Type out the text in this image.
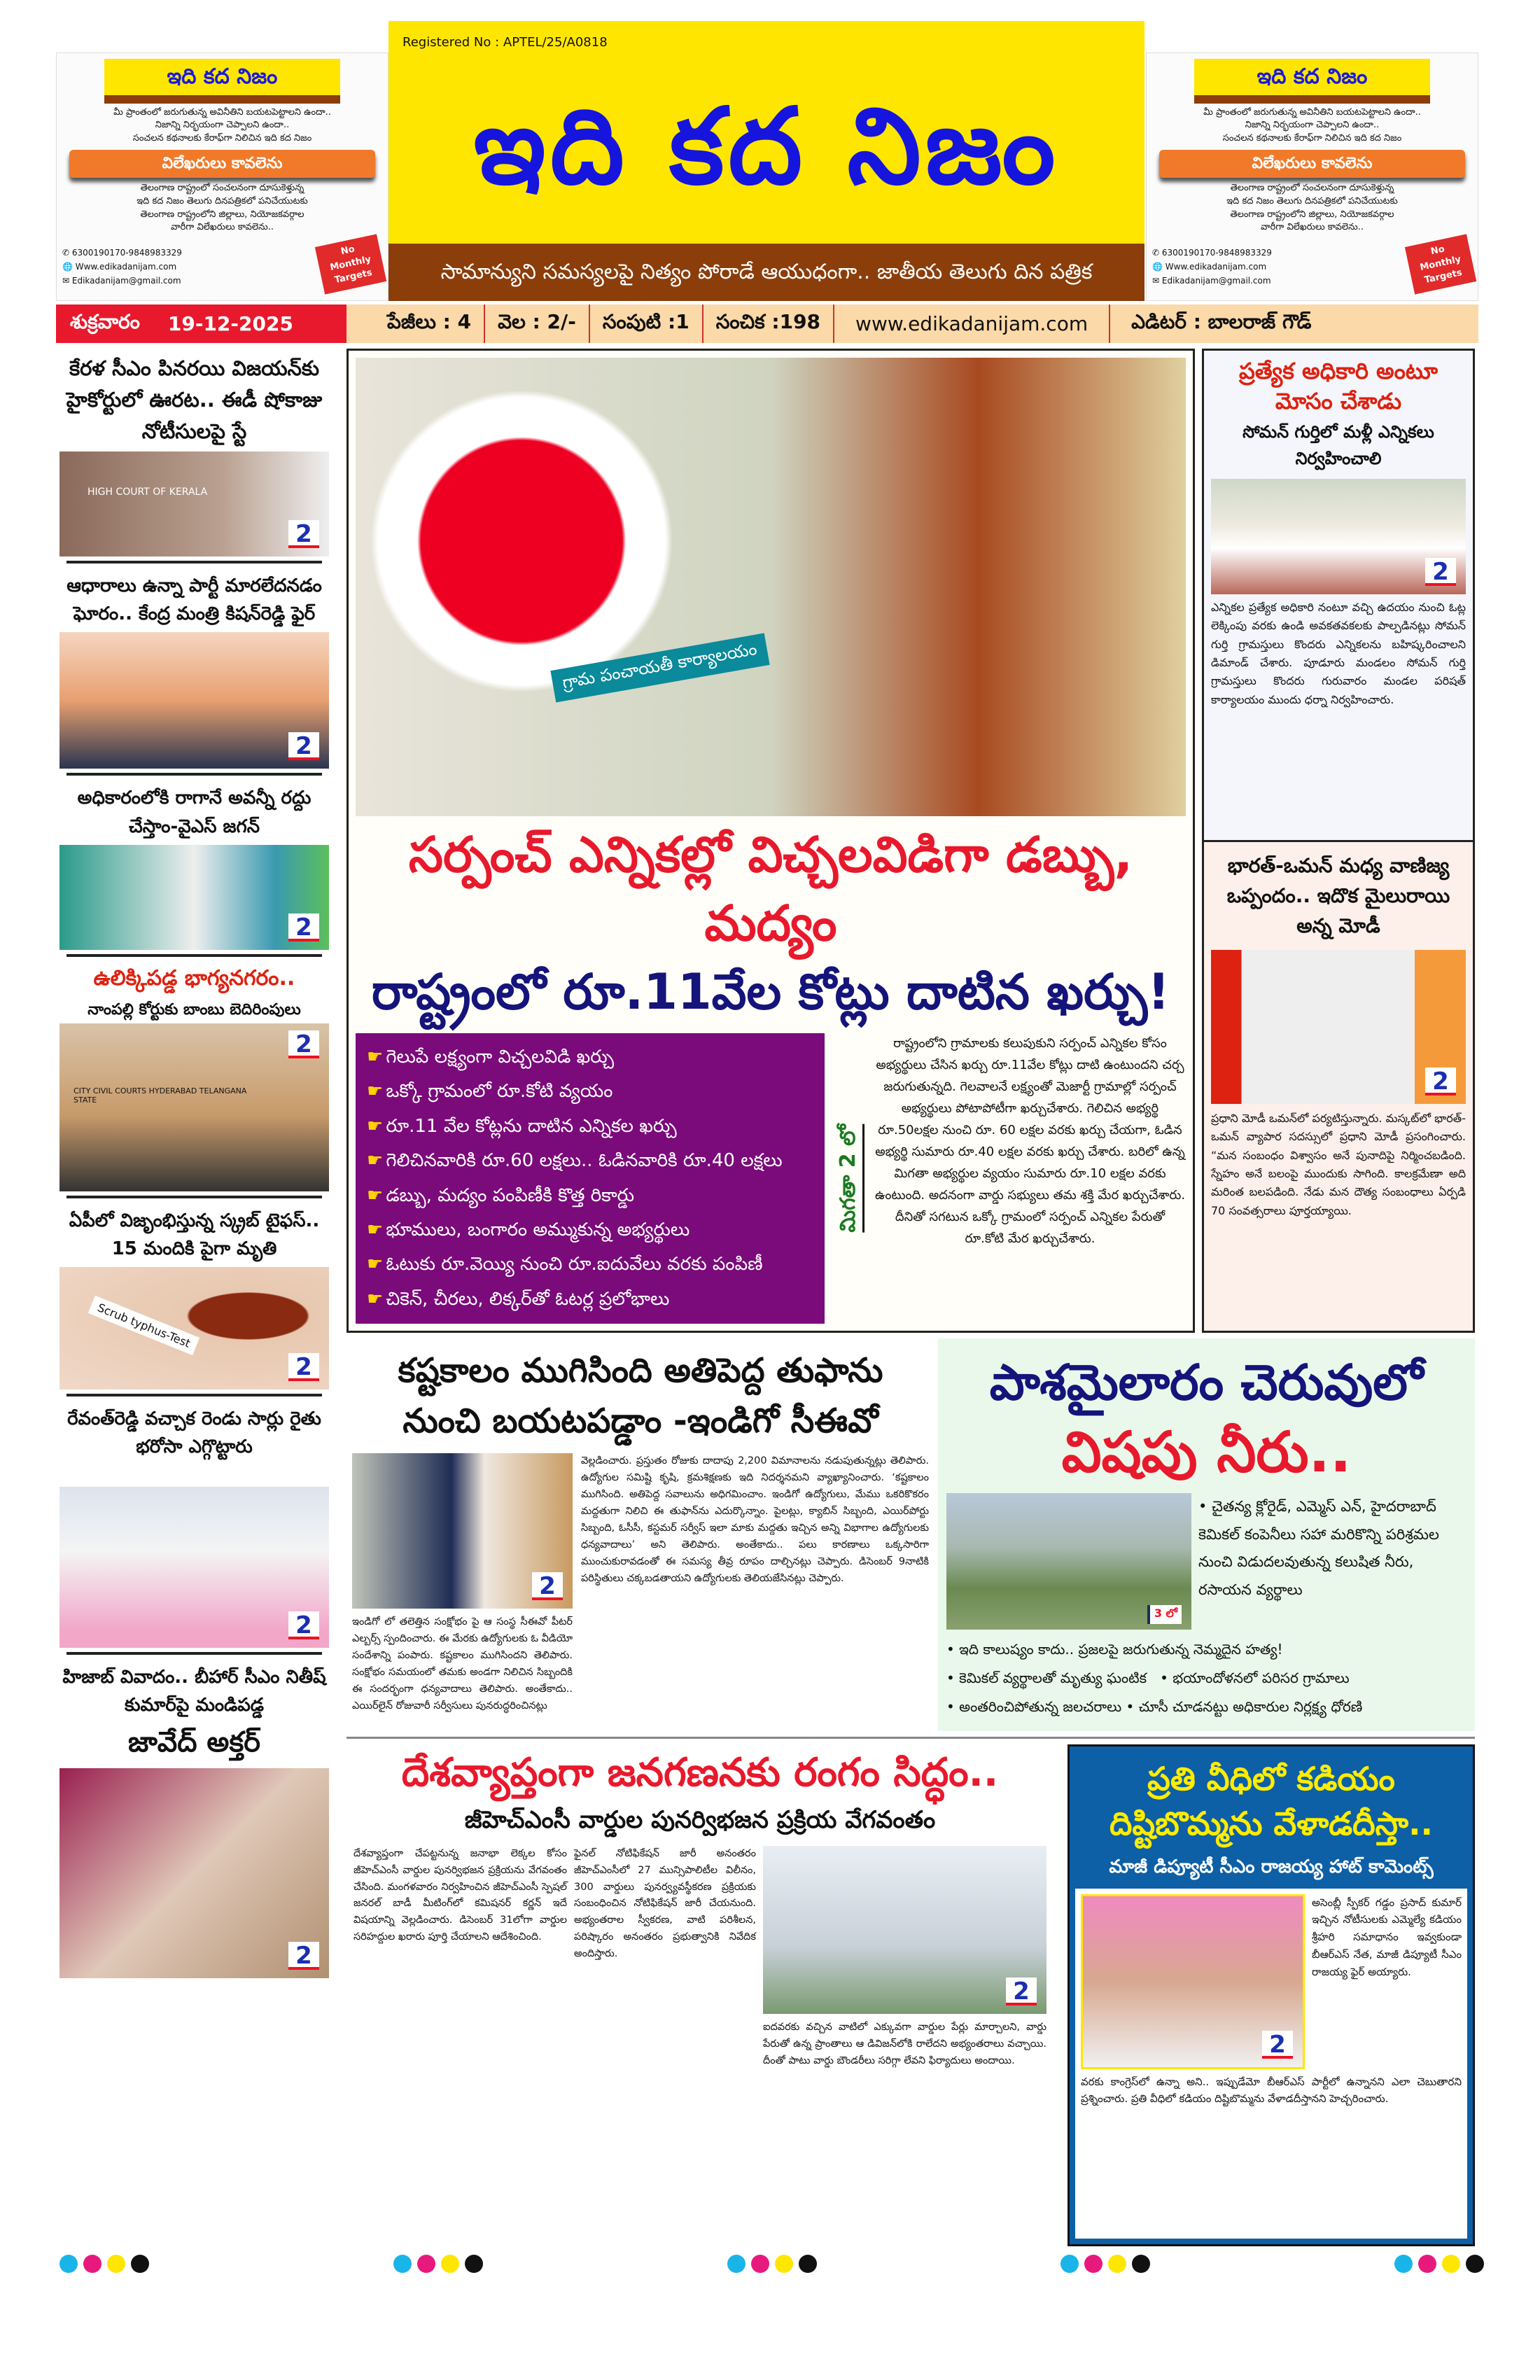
ఇది కద నిజం
మీ ప్రాంతంలో జరుగుతున్న అవినీతిని బయటపెట్టాలని ఉందా..
నిజాన్ని నిర్భయంగా చెప్పాలని ఉందా..
సంచలన కథనాలకు కేరాఫ్‌గా నిలిచిన ఇది కద నిజం
విలేఖరులు కావలెను
తెలంగాణ రాష్ట్రంలో సంచలనంగా దూసుకెళ్తున్న
ఇది కద నిజం తెలుగు దినపత్రికలో పనిచేయుటకు
తెలంగాణ రాష్ట్రంలోని జిల్లాలు, నియోజకవర్గాల
వారీగా విలేఖరులు కావలెను..
✆ 6300190170-9848983329
🌐 Www.edikadanijam.com
✉ Edikadanijam@gmail.com
No Monthly Targets
Registered No : APTEL/25/A0818
ఇది కద నిజం
సామాన్యుని సమస్యలపై నిత్యం పోరాడే ఆయుధంగా.. జాతీయ తెలుగు దిన పత్రిక
ఇది కద నిజం
మీ ప్రాంతంలో జరుగుతున్న అవినీతిని బయటపెట్టాలని ఉందా..
నిజాన్ని నిర్భయంగా చెప్పాలని ఉందా..
సంచలన కథనాలకు కేరాఫ్‌గా నిలిచిన ఇది కద నిజం
విలేఖరులు కావలెను
తెలంగాణ రాష్ట్రంలో సంచలనంగా దూసుకెళ్తున్న
ఇది కద నిజం తెలుగు దినపత్రికలో పనిచేయుటకు
తెలంగాణ రాష్ట్రంలోని జిల్లాలు, నియోజకవర్గాల
వారీగా విలేఖరులు కావలెను..
✆ 6300190170-9848983329
🌐 Www.edikadanijam.com
✉ Edikadanijam@gmail.com
No Monthly Targets
శుక్రవారం 19-12-2025	పేజీలు : 4	వెల : 2/-	సంపుటి :1	సంచిక :198	www.edikadanijam.com	ఎడిటర్ : బాలరాజ్ గౌడ్
కేరళ సీఎం పినరయి విజయన్‌కు హైకోర్టులో ఊరట.. ఈడీ షోకాజు నోటీసులపై స్టే
HIGH COURT OF KERALA
2
ఆధారాలు ఉన్నా పార్టీ మారలేదనడం ఘోరం.. కేంద్ర మంత్రి కిషన్‌రెడ్డి ఫైర్
2
అధికారంలోకి రాగానే అవన్నీ రద్దు చేస్తాం-వైఎస్ జగన్
2
ఉలిక్కిపడ్డ భాగ్యనగరం..
నాంపల్లి కోర్టుకు బాంబు బెదిరింపులు
CITY CIVIL COURTS HYDERABAD TELANGANA STATE
2
ఏపీలో విజృంభిస్తున్న స్క్రబ్ టైఫస్.. 15 మందికి పైగా మృతి
Scrub typhus-Test
2
రేవంత్‌రెడ్డి వచ్చాక రెండు సార్లు రైతు భరోసా ఎగ్గొట్టారు
2
హిజాబ్ వివాదం.. బీహార్ సీఎం నితీష్ కుమార్‌పై మండిపడ్డ
జావేద్ అక్తర్
2
గ్రామ పంచాయతీ కార్యాలయం
సర్పంచ్ ఎన్నికల్లో విచ్చలవిడిగా డబ్బు, మద్యం
రాష్ట్రంలో రూ.11వేల కోట్లు దాటిన ఖర్చు!
☛ గెలుపే లక్ష్యంగా విచ్చలవిడి ఖర్చు
☛ ఒక్కో గ్రామంలో రూ.కోటి వ్యయం
☛ రూ.11 వేల కోట్లను దాటిన ఎన్నికల ఖర్చు
☛ గెలిచినవారికి రూ.60 లక్షలు.. ఓడినవారికి రూ.40 లక్షలు
☛ డబ్బు, మద్యం పంపిణీకి కొత్త రికార్డు
☛ భూములు, బంగారం అమ్ముకున్న అభ్యర్థులు
☛ ఓటుకు రూ.వెయ్యి నుంచి రూ.ఐదువేలు వరకు పంపిణీ
☛ చికెన్, చీరలు, లిక్కర్‌తో ఓటర్ల ప్రలోభాలు
మిగతా 2 లో
రాష్ట్రంలోని గ్రామాలకు కలుపుకుని సర్పంచ్ ఎన్నికల కోసం అభ్యర్థులు చేసిన ఖర్చు రూ.11వేల కోట్లు దాటి ఉంటుందని చర్చ జరుగుతున్నది. గెలవాలనే లక్ష్యంతో మెజార్టీ గ్రామాల్లో సర్పంచ్ అభ్యర్థులు పోటాపోటీగా ఖర్చుచేశారు. గెలిచిన అభ్యర్థి రూ.50లక్షల నుంచి రూ. 60 లక్షల వరకు ఖర్చు చేయగా, ఓడిన అభ్యర్థి సుమారు రూ.40 లక్షల వరకు ఖర్చు చేశారు. బరిలో ఉన్న మిగతా అభ్యర్థుల వ్యయం సుమారు రూ.10 లక్షల వరకు ఉంటుంది. అదనంగా వార్డు సభ్యులు తమ శక్తి మేర ఖర్చుచేశారు. దీనితో సగటున ఒక్కో గ్రామంలో సర్పంచ్ ఎన్నికల పేరుతో రూ.కోటి మేర ఖర్చుచేశారు.
ప్రత్యేక అధికారి అంటూ మోసం చేశాడు
సోమన్ గుర్తిలో మళ్లీ ఎన్నికలు నిర్వహించాలి
2
ఎన్నికల ప్రత్యేక అధికారి నంటూ వచ్చి ఉదయం నుంచి ఓట్ల లెక్కింపు వరకు ఉండి అవకతవకలకు పాల్పడినట్లు సోమన్ గుర్తి గ్రామస్తులు కొందరు ఎన్నికలను బహిష్కరించాలని డిమాండ్ చేశారు. పూడూరు మండలం సోమన్ గుర్తి గ్రామస్తులు కొందరు గురువారం మండల పరిషత్ కార్యాలయం ముందు ధర్నా నిర్వహించారు.
భారత్-ఒమన్ మధ్య వాణిజ్య ఒప్పందం.. ఇదొక మైలురాయి అన్న మోడీ
2
ప్రధాని మోడీ ఒమన్‌లో పర్యటిస్తున్నారు. మస్కట్‌లో భారత్-ఒమన్ వ్యాపార సదస్సులో ప్రధాని మోడీ ప్రసంగించారు. “మన సంబంధం విశ్వాసం అనే పునాదిపై నిర్మించబడింది. స్నేహం అనే బలంపై ముందుకు సాగింది. కాలక్రమేణా అది మరింత బలపడింది. నేడు మన దౌత్య సంబంధాలు ఏర్పడి 70 సంవత్సరాలు పూర్తయ్యాయి.
కష్టకాలం ముగిసింది అతిపెద్ద తుఫాను నుంచి బయటపడ్డాం -ఇండిగో సీఈవో
2
ఇండిగో లో తలెత్తిన సంక్షోభం పై ఆ సంస్థ సీఈవో పీటర్ ఎల్బర్స్ స్పందించారు. ఈ మేరకు ఉద్యోగులకు ఓ వీడియో సందేశాన్ని పంపారు. కష్టకాలం ముగిసిందని తెలిపారు. సంక్షోభం సమయంలో తమకు అండగా నిలిచిన సిబ్బందికి ఈ సందర్భంగా ధన్యవాదాలు తెలిపారు. అంతేకాదు.. ఎయిర్‌లైన్ రోజువారీ సర్వీసులు పునరుద్ధరించినట్లు
వెల్లడించారు. ప్రస్తుతం రోజుకు దాదాపు 2,200 విమానాలను నడుపుతున్నట్లు తెలిపారు. ఉద్యోగుల సమిష్టి కృషి, క్రమశిక్షణకు ఇది నిదర్శనమని వ్యాఖ్యానించారు. ‘కష్టకాలం ముగిసింది. అతిపెద్ద సవాలును అధిగమించాం. ఇండిగో ఉద్యోగులు, మేము ఒకరికొకరం మద్దతుగా నిలిచి ఈ తుఫాన్‌ను ఎదుర్కొన్నాం. పైలట్లు, క్యాబిన్ సిబ్బంది, ఎయిర్‌పోర్టు సిబ్బంది, ఓసీసీ, కస్టమర్ సర్వీస్ ఇలా మాకు మద్దతు ఇచ్చిన అన్ని విభాగాల ఉద్యోగులకు ధన్యవాదాలు’ అని తెలిపారు. అంతేకాదు.. పలు కారణాలు ఒక్కసారిగా ముంచుకురావడంతో ఈ సమస్య తీవ్ర రూపం దాల్చినట్లు చెప్పారు. డిసెంబర్ 9నాటికి పరిస్థితులు చక్కబడతాయని ఉద్యోగులకు తెలియజేసినట్లు చెప్పారు.
పాశమైలారం చెరువులో
విషపు నీరు..
3 లో
• చైతన్య క్లోరైడ్, ఎమ్మెస్ ఎన్, హైదరాబాద్ కెమికల్ కంపెనీలు సహా మరికొన్ని పరిశ్రమల నుంచి విడుదలవుతున్న కలుషిత నీరు, రసాయన వ్యర్థాలు
• ఇది కాలుష్యం కాదు.. ప్రజలపై జరుగుతున్న నెమ్మదైన హత్య!
• కెమికల్ వ్యర్థాలతో మృత్యు ఘంటిక   • భయాందోళనలో పరిసర గ్రామాలు
• అంతరించిపోతున్న జలచరాలు • చూసీ చూడనట్టు అధికారుల నిర్లక్ష్య ధోరణి
దేశవ్యాప్తంగా జనగణనకు రంగం సిద్ధం..
జీహెచ్ఎంసీ వార్డుల పునర్విభజన ప్రక్రియ వేగవంతం
దేశవ్యాప్తంగా చేపట్టనున్న జనాభా లెక్కల కోసం జీహెచ్ఎంసీ వార్డుల పునర్విభజన ప్రక్రియను వేగవంతం చేసింది. మంగళవారం నిర్వహించిన జీహెచ్ఎంసీ స్పెషల్ జనరల్ బాడీ మీటింగ్‌లో కమిషనర్ కర్ణన్ ఇదే విషయాన్ని వెల్లడించారు. డిసెంబర్ 31లోగా వార్డుల సరిహద్దుల ఖరారు పూర్తి చేయాలని ఆదేశించింది.
ఫైనల్ నోటిఫికేషన్ జారీ అనంతరం జీహెచ్ఎంసీలో 27 మున్సిపాలిటీల విలీనం, 300 వార్డులు పునర్వ్యవస్థీకరణ ప్రక్రియకు సంబంధించిన నోటిఫికేషన్ జారీ చేయనుంది. అభ్యంతరాల స్వీకరణ, వాటి పరిశీలన, పరిష్కారం అనంతరం ప్రభుత్వానికి నివేదిక అందిస్తారు.
2
ఐదవరకు వచ్చిన వాటిలో ఎక్కువగా వార్డుల పేర్లు మార్చాలని, వార్డు పేరుతో ఉన్న ప్రాంతాలు ఆ డివిజన్‌లోకి రాలేదని అభ్యంతరాలు వచ్చాయి. దీంతో పాటు వార్డు బౌండరీలు సరిగ్గా లేవని ఫిర్యాదులు అందాయి.
ప్రతి వీధిలో కడియం దిష్టిబొమ్మను వేళాడదీస్తా..
మాజీ డిప్యూటీ సీఎం రాజయ్య హాట్ కామెంట్స్
2
అసెంబ్లీ స్పీకర్ గడ్డం ప్రసాద్ కుమార్ ఇచ్చిన నోటీసులకు ఎమ్మెల్యే కడియం శ్రీహరి సమాధానం ఇవ్వకుండా బీఆర్ఎస్ నేత, మాజీ డిప్యూటీ సీఎం రాజయ్య ఫైర్ అయ్యారు.
వరకు కాంగ్రెస్‌లో ఉన్నా అని.. ఇప్పుడేమో బీఆర్ఎస్ పార్టీలో ఉన్నానని ఎలా చెబుతారని ప్రశ్నించారు. ప్రతి వీధిలో కడియం దిష్టిబొమ్మను వేళాడదీస్తానని హెచ్చరించారు.
